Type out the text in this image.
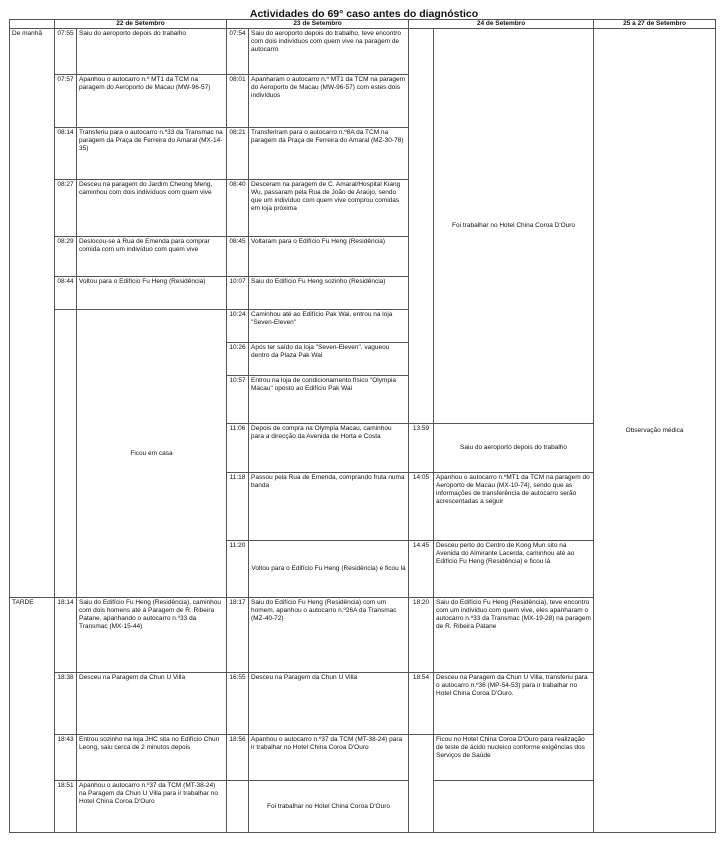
Actividades do 69° caso antes do diagnóstico
	22 de Setembro		23 de Setembro		24 de Setembro		25 a 27 de Setembro
De manhã	07:55	Saiu do aeroporto depois do trabalho	07:54	Saiu do aeroporto depois do trabalho, teve encontro com dois indivíduos com quem vive na paragem de autocarro		Foi trabalhar no Hotel China Coroa D'Ouro	Observação médica
	07:57	Apanhou o autocarro n.º MT1 da TCM na paragem do Aeroporto de Macau (MW-96-57)	08:01	Apanharam o autocarro n.º MT1 da TCM na paragem do Aeroporto de Macau (MW-96-57) com estes dois indivíduos			
	08:14	Transferiu para o autocarro n.º33 da Transmac na paragem da Praça de Ferreira do Amaral (MX-14-35)	08:21	Transferiram para o autocarro n.º8A da TCM na paragem da Praça de Ferreira do Amaral (MZ-30-78)			
	08:27	Desceu na paragem do Jardim Cheong Meng, caminhou com dois indivíduos com quem vive	08:40	Desceram na paragem de C. Amaral/Hospital Kiang Wu, passaram pela Rua de João de Araújo, sendo que um indivíduo com quem vive comprou comidas em loja próxima			
	08:29	Deslocou-se à Rua de Emenda para comprar comida com um indivíduo com quem vive	08:45	Voltaram para o Edifício Fu Heng (Residência)			
	08:44	Voltou para o Edifício Fu Heng (Residência)	10:07	Saiu do Edifício Fu Heng sozinho (Residência)			
		Ficou em casa	10:24	Caminhou até ao Edifício Pak Wai, entrou na loja "Seven-Eleven"			
			10:26	Após ter saído da loja "Seven-Eleven", vagueou dentro da Plaza Pak Wai			
			10:57	Entrou na loja de condicionamento físico "Olympia Macau" oposto ao Edifício Pak Wai			
			11:06	Depois de compra na Olympia Macau, caminhou para a direcção da Avenida de Horta e Costa	13:59	Saiu do aeroporto depois do trabalho	
			11:18	Passou pela Rua de Emenda, comprando fruta numa banda	14:05	Apanhou o autocarro n.ºMT1 da TCM na paragem do Aeroporto de Macau (MX-10-74), sendo que as informações de transferência de autocarro serão acrescentadas a seguir	
			11:20	Voltou para o Edifício Fu Heng (Residência) e ficou lá	14:45	Desceu perto do Centro de Kong Mun sito na Avenida do Almirante Lacerda, caminhou até ao Edifício Fu Heng (Residência) e ficou lá	
TARDE	18:14	Saiu do Edifício Fu Heng (Residência), caminhou com dois homens até à Paragem de R. Ribeira Patane, apanhando o autocarro n.º33 da Transmac (MX-15-44)	18:17	Saiu do Edifício Fu Heng (Residência) com um homem, apanhou o autocarro n.º26A da Transmac (MZ-40-72)	18:20	Saiu do Edifício Fu Heng (Residência), teve encontro com um indivíduo com quem vive, eles apanharam o autocarro n.º33 da Transmac (MX-19-28) na paragem de R. Ribeira Patane	
	18:38	Desceu na Paragem da Chun U Villa	16:55	Desceu na Paragem da Chun U Villa	18:54	Desceu na Paragem da Chun U Villa, transferiu para o autocarro n.º36 (MP-54-53) para ir trabalhar no Hotel China Coroa D'Ouro.	
	18:43	Entrou sozinho na loja JHC sita no Edifício Chun Leong, saiu cerca de 2 minutos depois	18:56	Apanhou o autocarro n.º37 da TCM (MT-38-24) para ir trabalhar no Hotel China Coroa D'Ouro		Ficou no Hotel China Coroa D'Ouro para realização de teste de ácido nucleico conforme exigências dos Serviços de Saúde	
	18:51	Apanhou o autocarro n.º37 da TCM (MT-38-24) na Paragem da Chun U Villa para ir trabalhar no Hotel China Coroa D'Ouro		Foi trabalhar no Hotel China Coroa D'Ouro			
